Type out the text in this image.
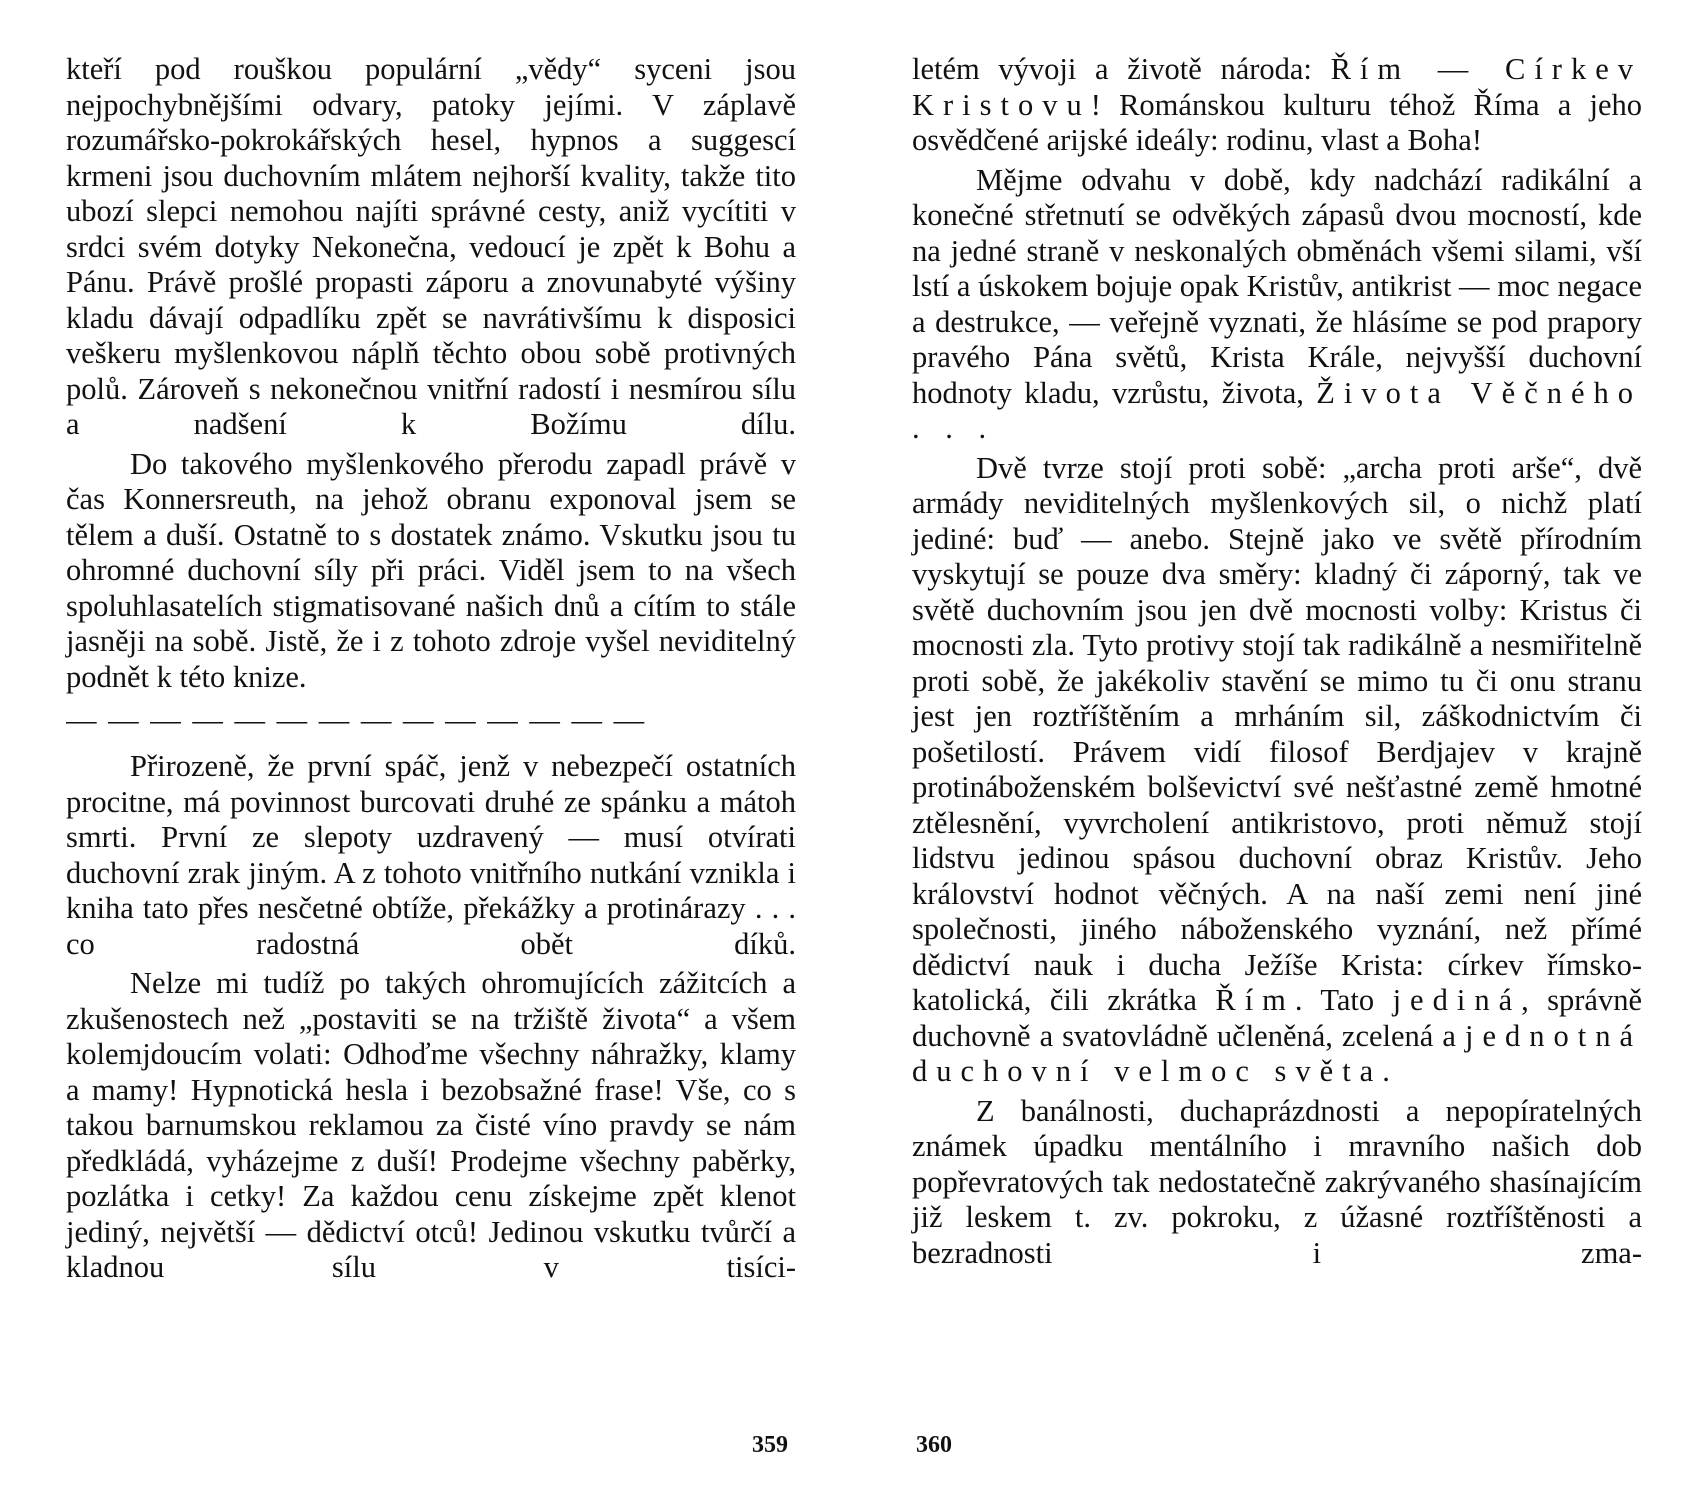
kteří pod rouškou populární „vědy“ syceni jsou nejpochybnějšími odvary, patoky jejími. V záplavě rozumářsko-pokrokářských hesel, hypnos a suggescí krmeni jsou duchovním mlátem nejhorší kvality, takže tito ubozí slepci nemohou najíti správné cesty, aniž vycítiti v srdci svém dotyky Nekonečna, vedoucí je zpět k Bohu a Pánu. Právě prošlé propasti záporu a znovunabyté výšiny kladu dávají odpadlíku zpět se navrátivšímu k disposici veškeru myšlenkovou náplň těchto obou sobě protivných polů. Zároveň s nekonečnou vnitřní radostí i nesmírou sílu a nadšení k Božímu dílu.

Do takového myšlenkového přerodu zapadl právě v čas Konnersreuth, na jehož obranu exponoval jsem se tělem a duší. Ostatně to s dostatek známo. Vskutku jsou tu ohromné duchovní síly při práci. Viděl jsem to na všech spoluhlasatelích stigmatisované našich dnů a cítím to stále jasněji na sobě. Jistě, že i z tohoto zdroje vyšel neviditelný podnět k této knize.

— — — — — — — — — — — — — —

Přirozeně, že první spáč, jenž v nebezpečí ostatních procitne, má povinnost burcovati druhé ze spánku a mátoh smrti. První ze slepoty uzdravený — musí otvírati duchovní zrak jiným. A z tohoto vnitřního nutkání vznikla i kniha tato přes nesčetné obtíže, překážky a protinárazy . . . co radostná obět díků.

Nelze mi tudíž po takých ohromujících zážitcích a zkušenostech než „postaviti se na tržiště života“ a všem kolemjdoucím volati: Odhoďme všechny náhražky, klamy a mamy! Hypnotická hesla i bezobsažné frase! Vše, co s takou barnumskou reklamou za čisté víno pravdy se nám předkládá, vyházejme z duší! Prodejme všechny paběrky, pozlátka i cetky! Za každou cenu získejme zpět klenot jediný, největší — dědictví otců! Jedinou vskutku tvůrčí a kladnou sílu v tisíci-

359

letém vývoji a životě národa: Řím — Církev Kristovu! Románskou kulturu téhož Říma a jeho osvědčené arijské ideály: rodinu, vlast a Boha!

Mějme odvahu v době, kdy nadchází radikální a konečné střetnutí se odvěkých zápasů dvou mocností, kde na jedné straně v neskonalých obměnách všemi silami, vší lstí a úskokem bojuje opak Kristův, antikrist — moc negace a destrukce, — veřejně vyznati, že hlásíme se pod prapory pravého Pána světů, Krista Krále, nejvyšší duchovní hodnoty kladu, vzrůstu, života, Života Věčného . . .

Dvě tvrze stojí proti sobě: „archa proti arše“, dvě armády neviditelných myšlenkových sil, o nichž platí jediné: buď — anebo. Stejně jako ve světě přírodním vyskytují se pouze dva směry: kladný či záporný, tak ve světě duchovním jsou jen dvě mocnosti volby: Kristus či mocnosti zla. Tyto protivy stojí tak radikálně a nesmiřitelně proti sobě, že jakékoliv stavění se mimo tu či onu stranu jest jen roztříštěním a mrháním sil, záškodnictvím či pošetilostí. Právem vidí filosof Berdjajev v krajně protináboženském bolševictví své nešťastné země hmotné ztělesnění, vyvrcholení antikristovo, proti němuž stojí lidstvu jedinou spásou duchovní obraz Kristův. Jeho království hodnot věčných. A na naší zemi není jiné společnosti, jiného náboženského vyznání, než přímé dědictví nauk i ducha Ježíše Krista: církev římsko-katolická, čili zkrátka Řím. Tato jediná, správně duchovně a svatovládně učleněná, zcelená a jednotná duchovní velmoc světa.

Z banálnosti, duchaprázdnosti a nepopíratelných známek úpadku mentálního i mravního našich dob popřevratových tak nedostatečně zakrývaného shasínajícím již leskem t. zv. pokroku, z úžasné roztříštěnosti a bezradnosti i zma-

360
